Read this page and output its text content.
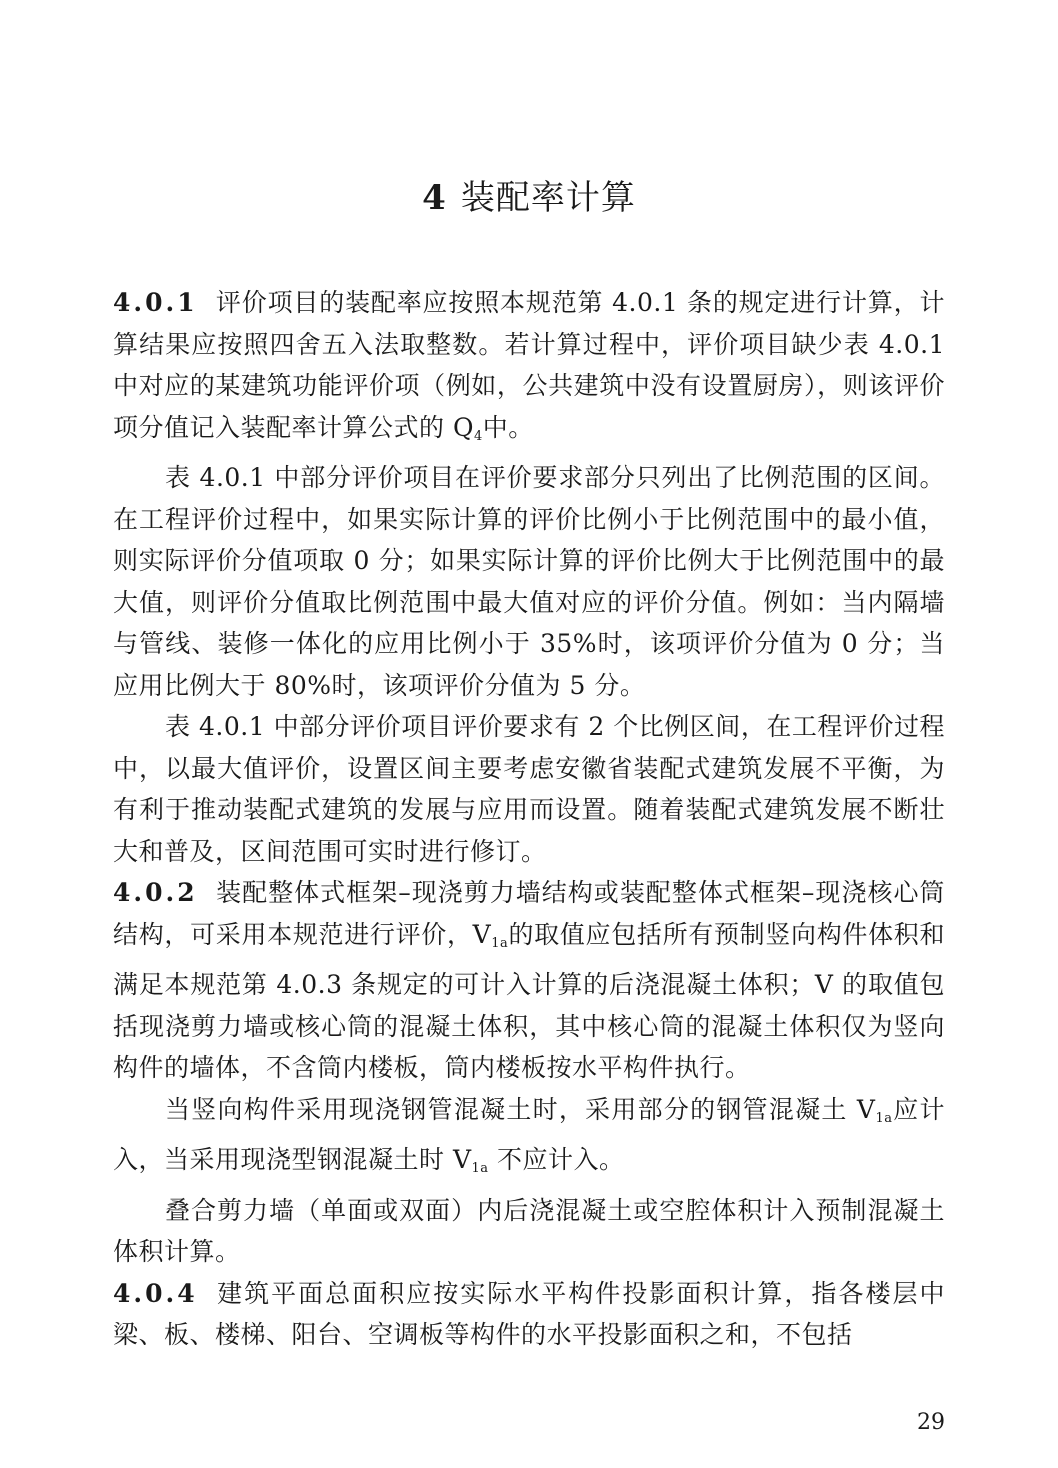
4 装配率计算

4.0.1 评价项目的装配率应按照本规范第 4.0.1 条的规定进行计算，计算结果应按照四舍五入法取整数。若计算过程中，评价项目缺少表 4.0.1 中对应的某建筑功能评价项（例如，公共建筑中没有设置厨房），则该评价项分值记入装配率计算公式的 $Q_4$中。

表 4.0.1 中部分评价项目在评价要求部分只列出了比例范围的区间。在工程评价过程中，如果实际计算的评价比例小于比例范围中的最小值，则实际评价分值项取 0 分；如果实际计算的评价比例大于比例范围中的最大值，则评价分值取比例范围中最大值对应的评价分值。例如：当内隔墙与管线、装修一体化的应用比例小于 35%时，该项评价分值为 0 分；当应用比例大于 80%时，该项评价分值为 5 分。

表 4.0.1 中部分评价项目评价要求有 2 个比例区间，在工程评价过程中，以最大值评价，设置区间主要考虑安徽省装配式建筑发展不平衡，为有利于推动装配式建筑的发展与应用而设置。随着装配式建筑发展不断壮大和普及，区间范围可实时进行修订。

4.0.2 装配整体式框架–现浇剪力墙结构或装配整体式框架–现浇核心筒结构，可采用本规范进行评价，$V_{1a}$的取值应包括所有预制竖向构件体积和满足本规范第 4.0.3 条规定的可计入计算的后浇混凝土体积；V 的取值包括现浇剪力墙或核心筒的混凝土体积，其中核心筒的混凝土体积仅为竖向构件的墙体，不含筒内楼板，筒内楼板按水平构件执行。

当竖向构件采用现浇钢管混凝土时，采用部分的钢管混凝土 $V_{1a}$应计入，当采用现浇型钢混凝土时 $V_{1a}$ 不应计入。

叠合剪力墙（单面或双面）内后浇混凝土或空腔体积计入预制混凝土体积计算。

4.0.4 建筑平面总面积应按实际水平构件投影面积计算，指各楼层中梁、板、楼梯、阳台、空调板等构件的水平投影面积之和，不包括

29
